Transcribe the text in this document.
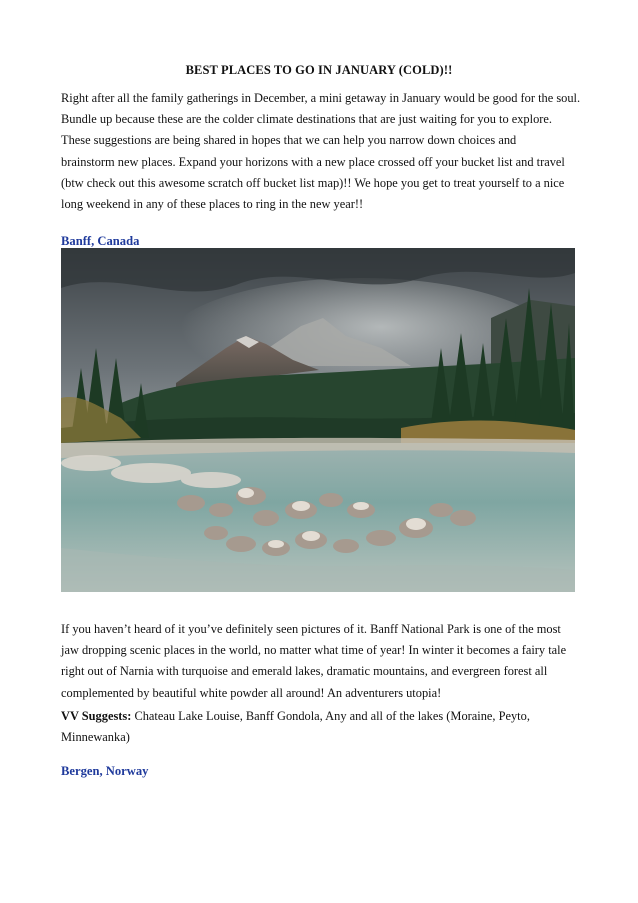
BEST PLACES TO GO IN JANUARY (COLD)!!
Right after all the family gatherings in December, a mini getaway in January would be good for the soul.
Bundle up because these are the colder climate destinations that are just waiting for you to explore.
These suggestions are being shared in hopes that we can help you narrow down choices and
brainstorm new places. Expand your horizons with a new place crossed off your bucket list and travel
(btw check out this awesome scratch off bucket list map)!! We hope you get to treat yourself to a nice
long weekend in any of these places to ring in the new year!!
Banff, Canada
If you haven’t heard of it you’ve definitely seen pictures of it. Banff National Park is one of the most
jaw dropping scenic places in the world, no matter what time of year! In winter it becomes a fairy tale
right out of Narnia with turquoise and emerald lakes, dramatic mountains, and evergreen forest all
complemented by beautiful white powder all around! An adventurers utopia!
VV Suggests: Chateau Lake Louise, Banff Gondola, Any and all of the lakes (Moraine, Peyto,
Minnewanka)
Bergen, Norway
